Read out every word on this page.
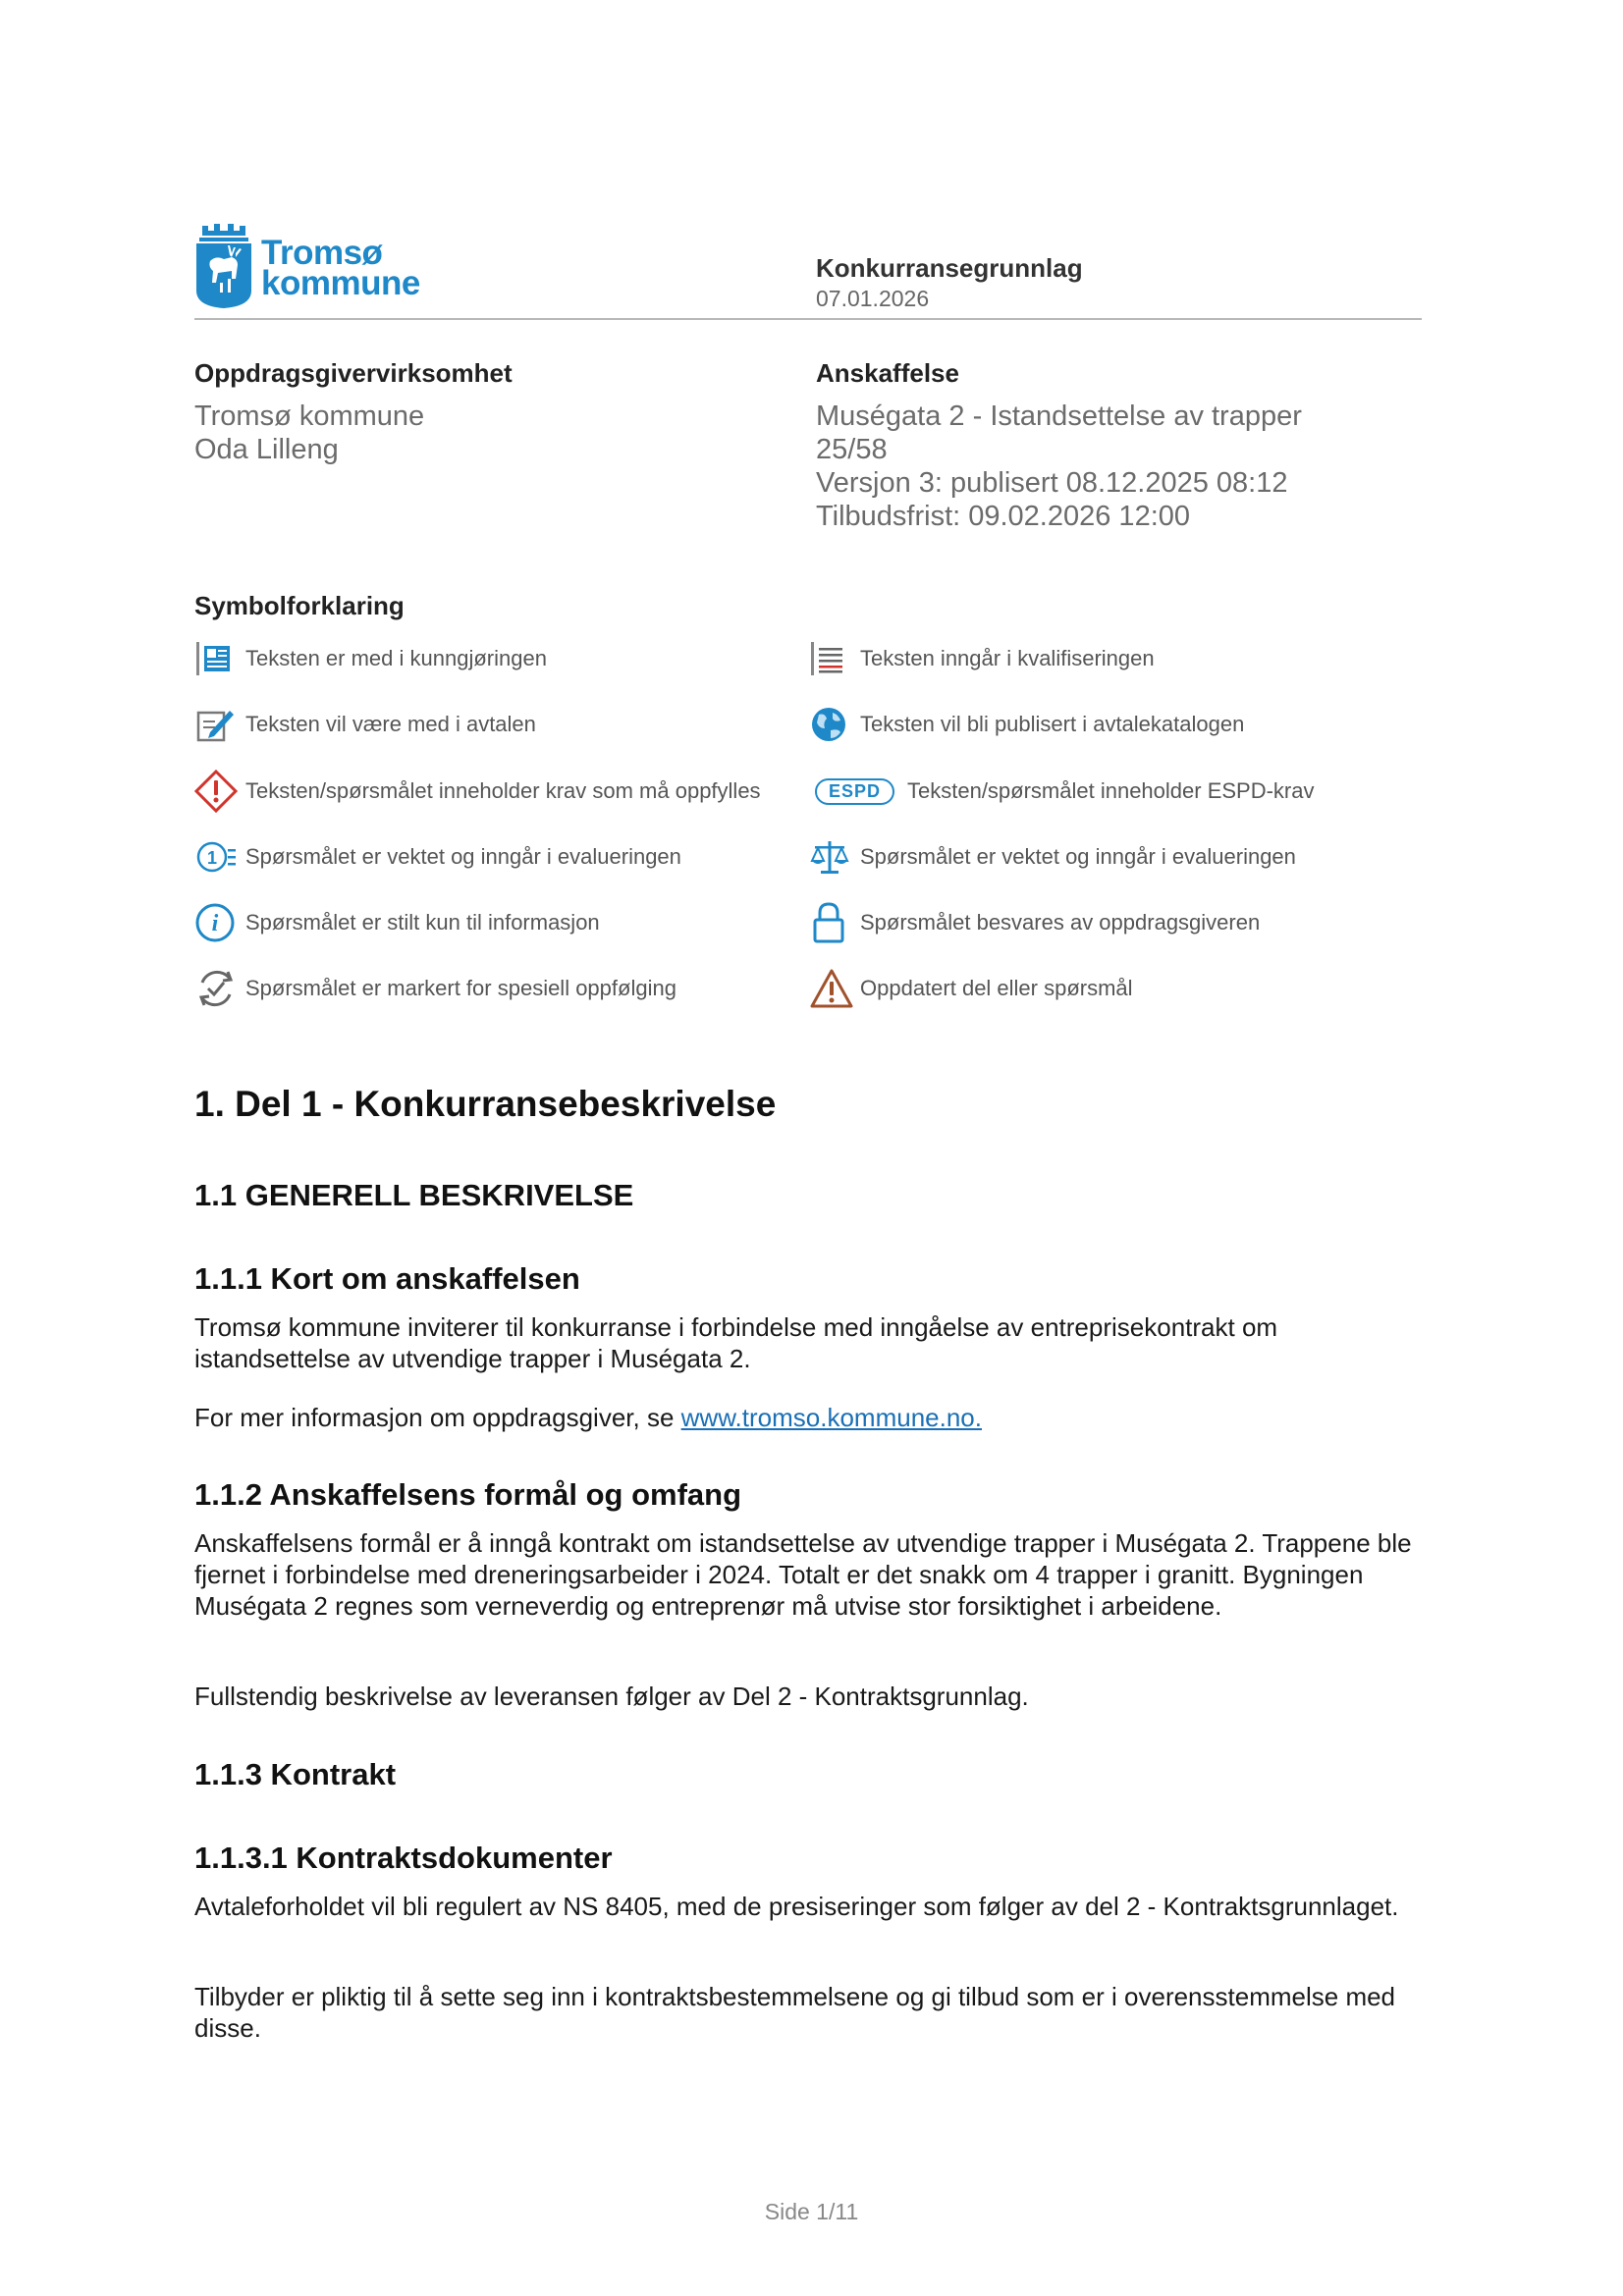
Tromsø
kommune	Konkurransegrunnlag
07.01.2026
Oppdragsgivervirksomhet
Tromsø kommune
Oda Lilleng
Anskaffelse
Muségata 2 - Istandsettelse av trapper
25/58
Versjon 3: publisert 08.12.2025 08:12
Tilbudsfrist: 09.02.2026 12:00
Symbolforklaring
Teksten er med i kunngjøringen	Teksten inngår i kvalifiseringen
Teksten vil være med i avtalen	Teksten vil bli publisert i avtalekatalogen
Teksten/spørsmålet inneholder krav som må oppfylles	ESPD	Teksten/spørsmålet inneholder ESPD-krav
1 Spørsmålet er vektet og inngår i evalueringen	Spørsmålet er vektet og inngår i evalueringen
i Spørsmålet er stilt kun til informasjon	Spørsmålet besvares av oppdragsgiveren
Spørsmålet er markert for spesiell oppfølging	Oppdatert del eller spørsmål
1. Del 1 - Konkurransebeskrivelse
1.1 GENERELL BESKRIVELSE
1.1.1 Kort om anskaffelsen
Tromsø kommune inviterer til konkurranse i forbindelse med inngåelse av entreprisekontrakt om istandsettelse av utvendige trapper i Muségata 2.
For mer informasjon om oppdragsgiver, se www.tromso.kommune.no.
1.1.2 Anskaffelsens formål og omfang
Anskaffelsens formål er å inngå kontrakt om istandsettelse av utvendige trapper i Muségata 2. Trappene ble fjernet i forbindelse med dreneringsarbeider i 2024. Totalt er det snakk om 4 trapper i granitt. Bygningen Muségata 2 regnes som verneverdig og entreprenør må utvise stor forsiktighet i arbeidene.
Fullstendig beskrivelse av leveransen følger av Del 2 - Kontraktsgrunnlag.
1.1.3 Kontrakt
1.1.3.1 Kontraktsdokumenter
Avtaleforholdet vil bli regulert av NS 8405, med de presiseringer som følger av del 2 - Kontraktsgrunnlaget.
Tilbyder er pliktig til å sette seg inn i kontraktsbestemmelsene og gi tilbud som er i overensstemmelse med disse.
Side 1/11
